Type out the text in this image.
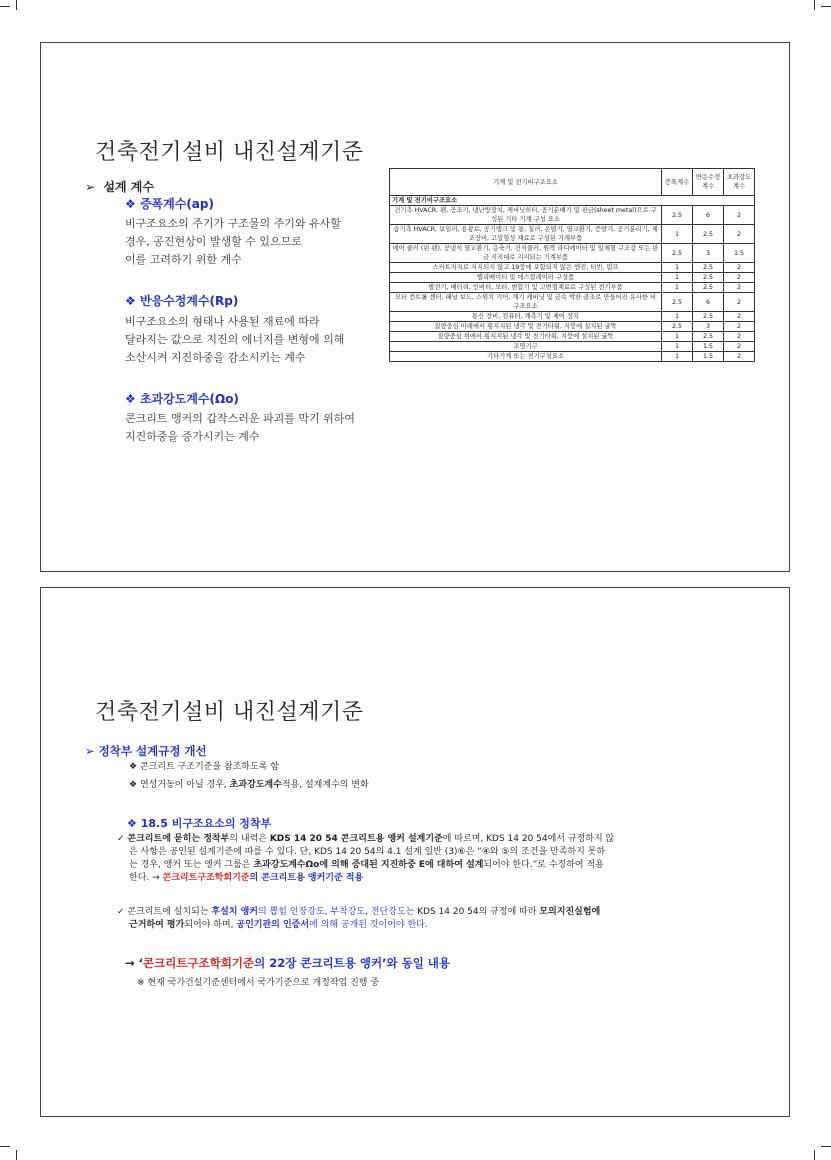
건축전기설비 내진설계기준
➢ 설계 계수
❖ 증폭계수(ap)
비구조요소의 주기가 구조물의 주기와 유사할
경우, 공진현상이 발생할 수 있으므로
이를 고려하기 위한 계수
❖ 반응수정계수(Rp)
비구조요소의 형태나 사용된 재료에 따라
달라지는 값으로 지진의 에너지를 변형에 의해
소산시켜 지진하중을 감소시키는 계수
❖ 초과강도계수(Ωo)
콘크리트 앵커의 갑작스러운 파괴를 막기 위하여
지진하중을 증가시키는 계수
기계 및 전기비구조요소	증폭계수	반응수정계수	초과강도계수
기계 및 전기비구조요소			
건기측 HVACR, 팬, 공조기, 냉난방장치, 캐비닛히터, 공기분배기 및 판금(sheet metal)으로 구성된 기타 기계 구성 요소	2.5	6	2
습기측 HVACR, 보일러, 용광로, 공기탱크 및 통, 칠러, 온열기, 열교환기, 증발기, 공기분리기, 제조장비, 고밀형성 재료로 구성된 기계부품	1	2.5	2
에어 쿨러 (핀 팬), 공냉식 열교환기, 응축기, 건식쿨러, 원격 라디에이터 및 일체형 구조강 또는 판금 지지대로 지지되는 기계부품	2.5	3	1.5
스커트지지로 지지되지 않고 19장에 포함되지 않은 엔진, 터빈, 펌프	1	2.5	2
엘리베이터 및 에스컬레이터 구성품	1	2.5	2
발전기, 배터리, 인버터, 모터, 변압기 및 고변형재료로 구성된 전기부품	1	2.5	2
모터 컨트롤 센터, 패널 보드, 스위치 기어, 계기 캐비닛 및 금속 박판 골조로 만들어진 유사한 비구조요소	2.5	6	2
통신 장비, 컴퓨터, 계측기 및 제어 장치	1	2.5	2
질량중심 아래에서 횡지지된 냉각 및 전기타워, 지붕에 설치된 굴뚝	2.5	3	2
질량중심 위에서 횡지지된 냉각 및 전기타워, 지붕에 설치된 굴뚝	1	2.5	2
조명기구	1	1.5	2
기타기계 또는 전기구성요소	1	1.5	2
건축전기설비 내진설계기준
➢ 정착부 설계규정 개선
❖ 콘크리트 구조기준을 참조하도록 함
❖ 연성거동이 아닐 경우, 초과강도계수적용, 설계계수의 변화
❖ 18.5 비구조요소의 정착부
✓ 콘크리트에 묻히는 정착부의 내력은 KDS 14 20 54 콘크리트용 앵커 설계기준에 따르며, KDS 14 20 54에서 규정하지 않
은 사항은 공인된 설계기준에 따를 수 있다. 단, KDS 14 20 54의 4.1 설계 일반 (3)⑥은 “④와 ⑤의 조건을 만족하지 못하
는 경우, 앵커 또는 앵커 그룹은 초과강도계수Ωo에 의해 증대된 지진하중 E에 대하여 설계되어야 한다.”로 수정하여 적용
한다. → 콘크리트구조학회기준의 콘크리트용 앵커기준 적용
✓ 콘크리트에 설치되는 후설치 앵커의 뽑힘 인장강도, 부착강도, 전단강도는 KDS 14 20 54의 규정에 따라 모의지진실험에
근거하여 평가되어야 하며, 공인기관의 인증서에 의해 공개된 것이어야 한다.
→ ‘콘크리트구조학회기준의 22장 콘크리트용 앵커’와 동일 내용
※ 현재 국가건설기준센터에서 국가기준으로 개정작업 진행 중
